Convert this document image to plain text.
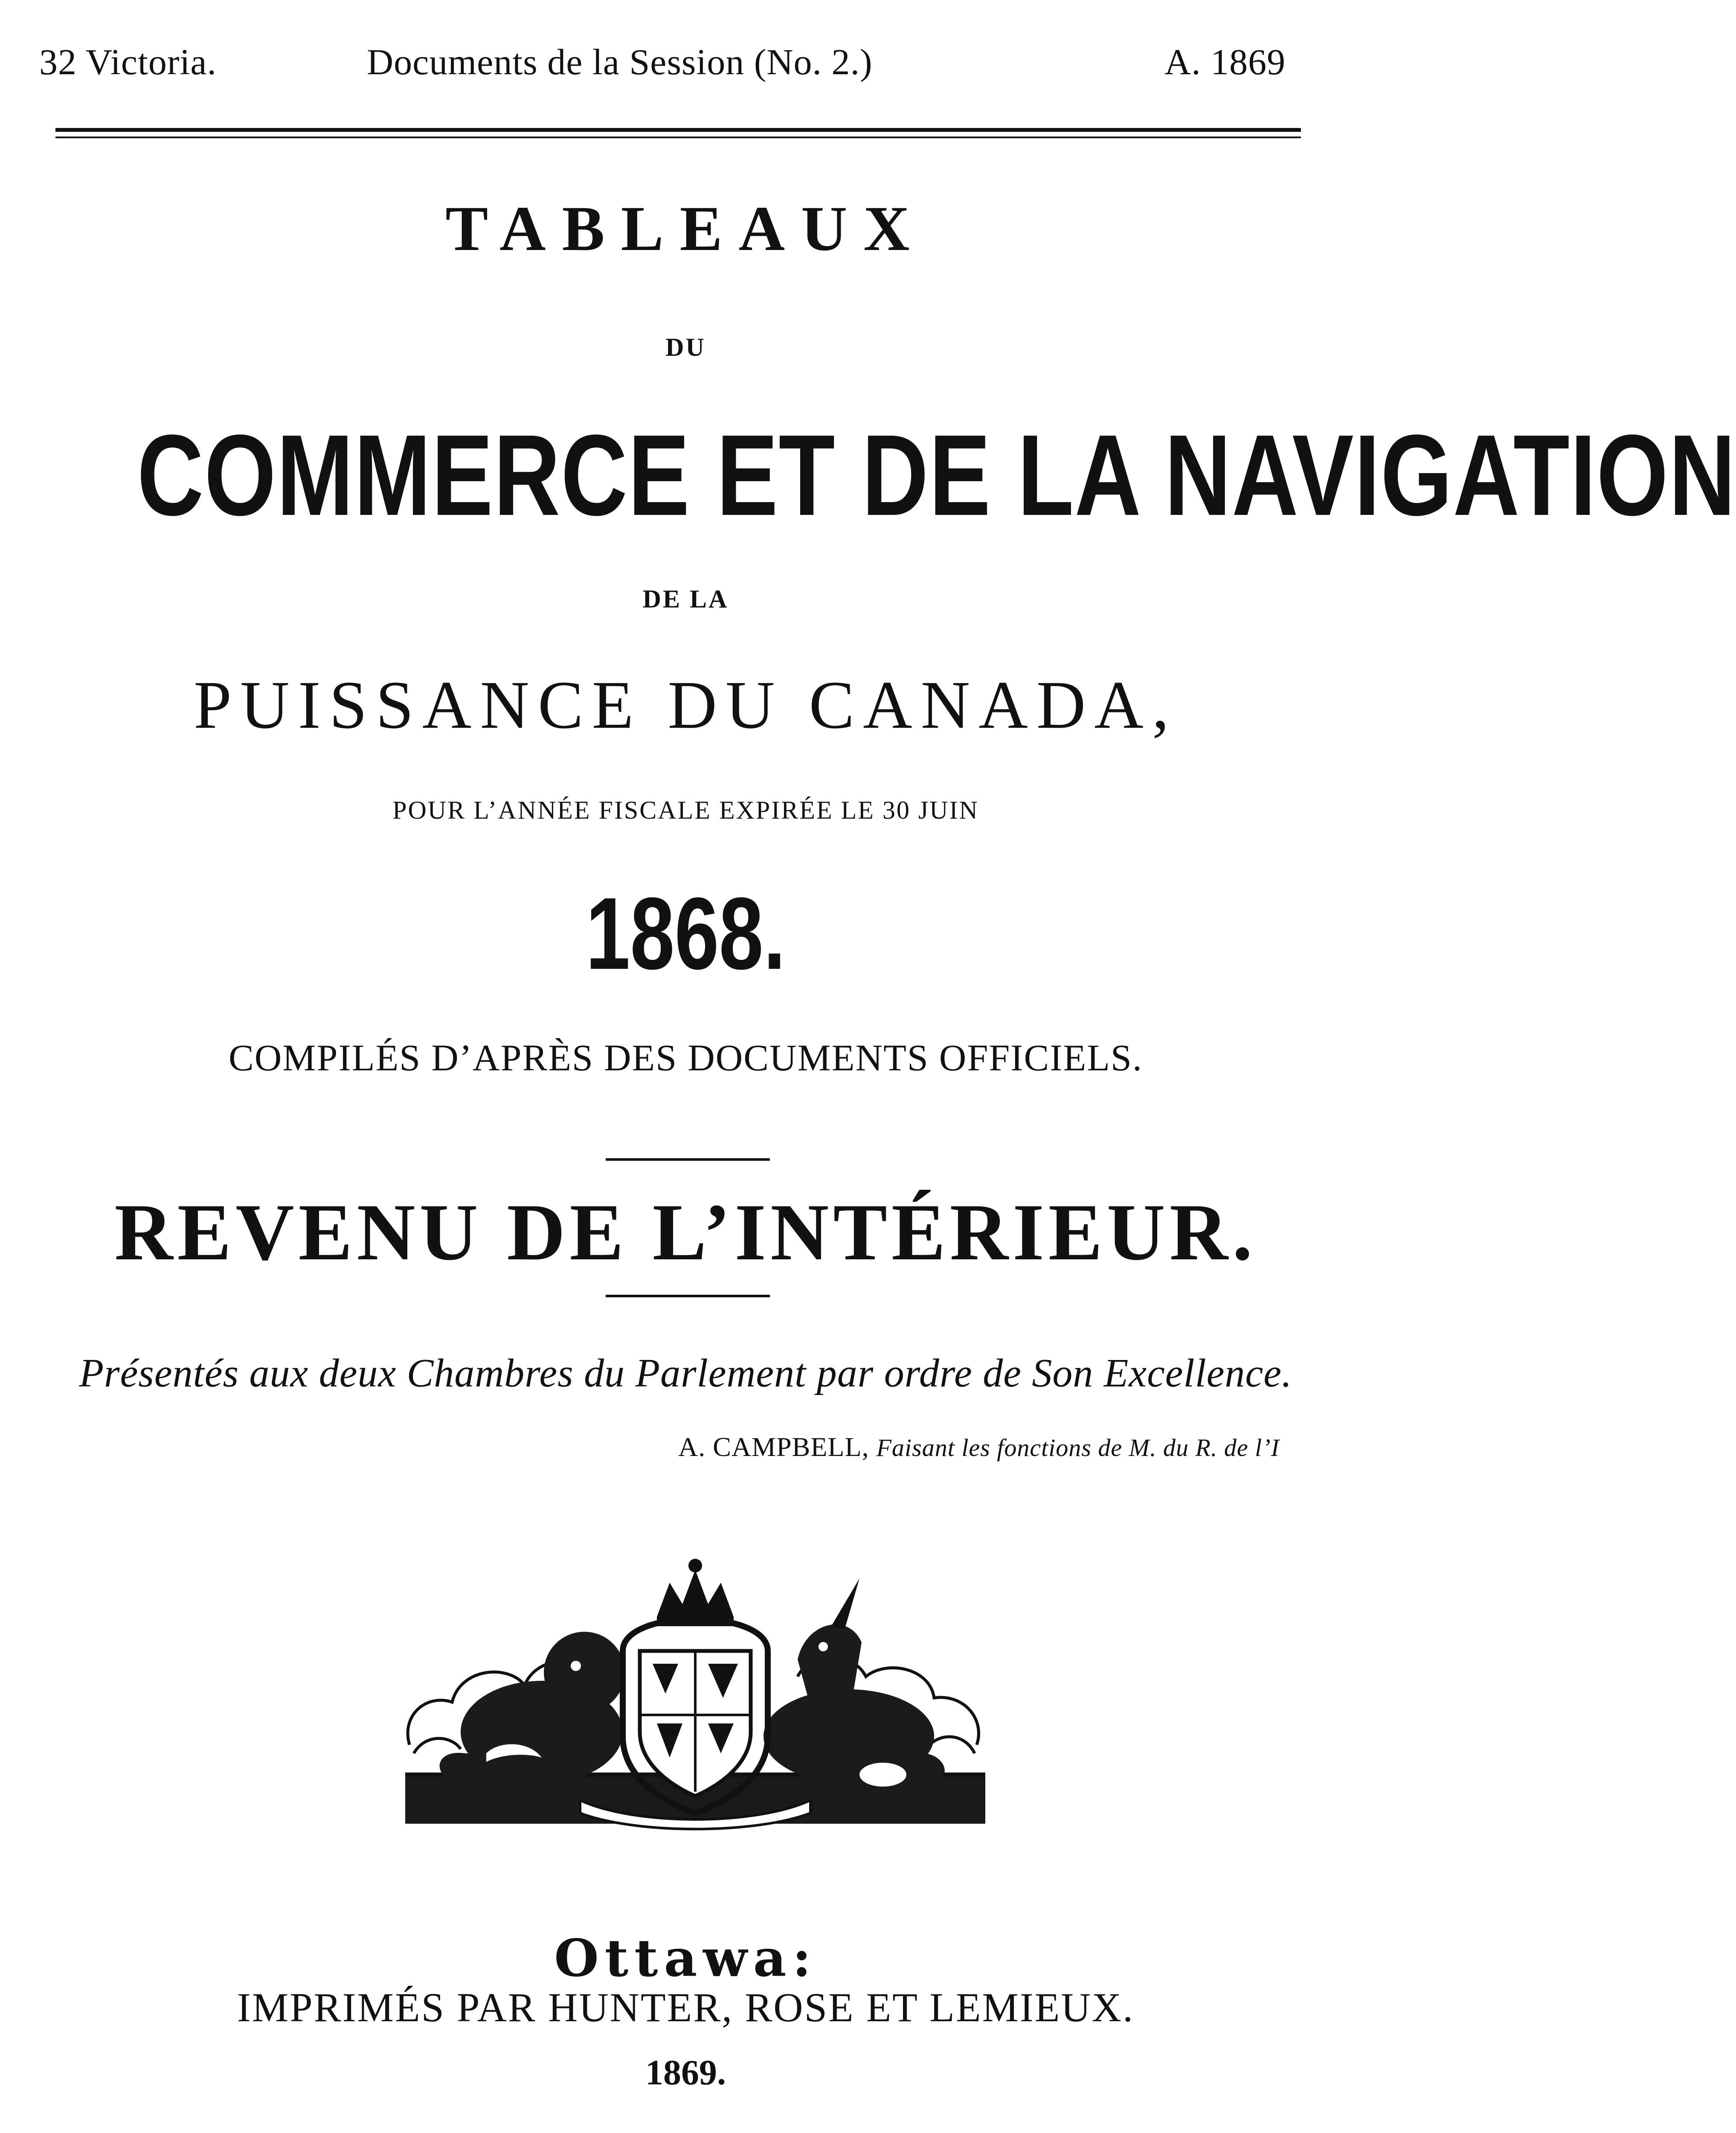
32 Victoria.	Documents de la Session (No. 2.)	A. 1869
TABLEAUX
DU
COMMERCE ET DE LA NAVIGATION
DE LA
PUISSANCE DU CANADA,
POUR L’ANNÉE FISCALE EXPIRÉE LE 30 JUIN
1868.
COMPILÉS D’APRÈS DES DOCUMENTS OFFICIELS.
REVENU DE L’INTÉRIEUR.
Présentés aux deux Chambres du Parlement par ordre de Son Excellence.
A. CAMPBELL, Faisant les fonctions de M. du R. de l’I
Ottawa:
IMPRIMÉS PAR HUNTER, ROSE ET LEMIEUX.
1869.
